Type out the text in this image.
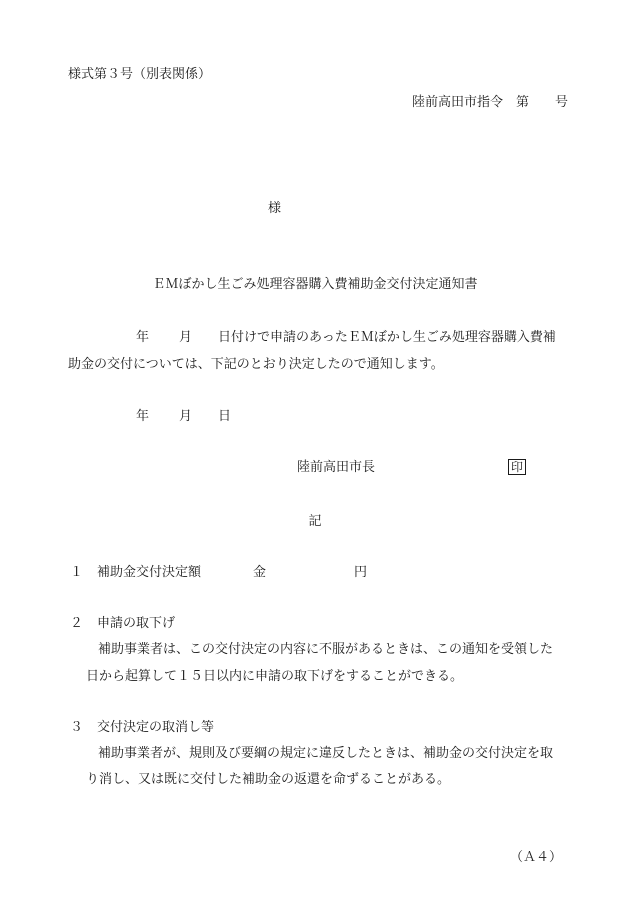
様式第３号（別表関係）
陸前高田市指令　第　　号
様
ＥＭぼかし生ごみ処理容器購入費補助金交付決定通知書
年 月 日付けで申請のあったＥＭぼかし生ごみ処理容器購入費補
助金の交付については、下記のとおり決定したので通知します。
年 月 日
陸前高田市長	印
記
１ 補助金交付決定額	金	円
２ 申請の取下げ
補助事業者は、この交付決定の内容に不服があるときは、この通知を受領した
日から起算して１５日以内に申請の取下げをすることができる。
３ 交付決定の取消し等
補助事業者が、規則及び要綱の規定に違反したときは、補助金の交付決定を取
り消し、又は既に交付した補助金の返還を命ずることがある。
（Ａ４）
